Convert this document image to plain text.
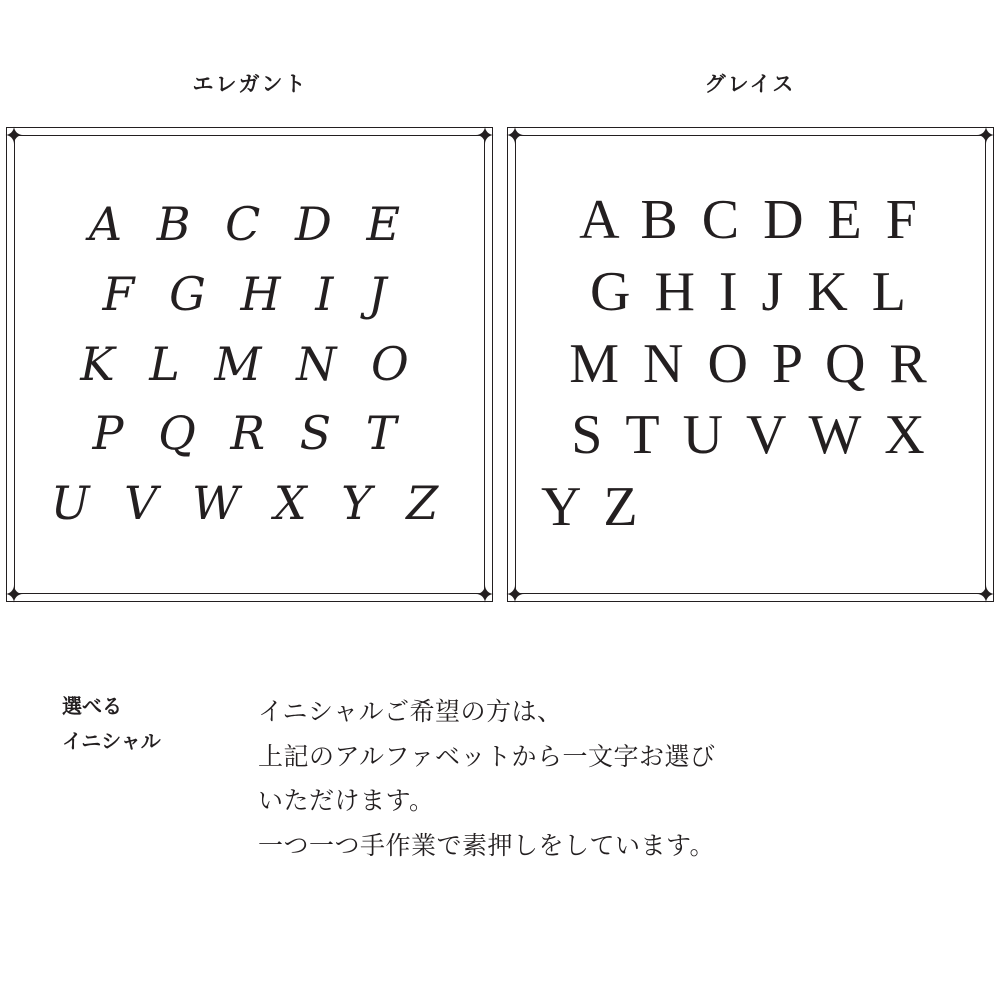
エレガント	グレイス
A B C D E
F G H I J
K L M N O
P Q R S T
U V W X Y Z
A B C D E F
G H I J K L
M N O P Q R
S T U V W X
Y Z
選べる
イニシャル

イニシャルご希望の方は、

上記のアルファベットから一文字お選び

いただけます。

一つ一つ手作業で素押しをしています。
